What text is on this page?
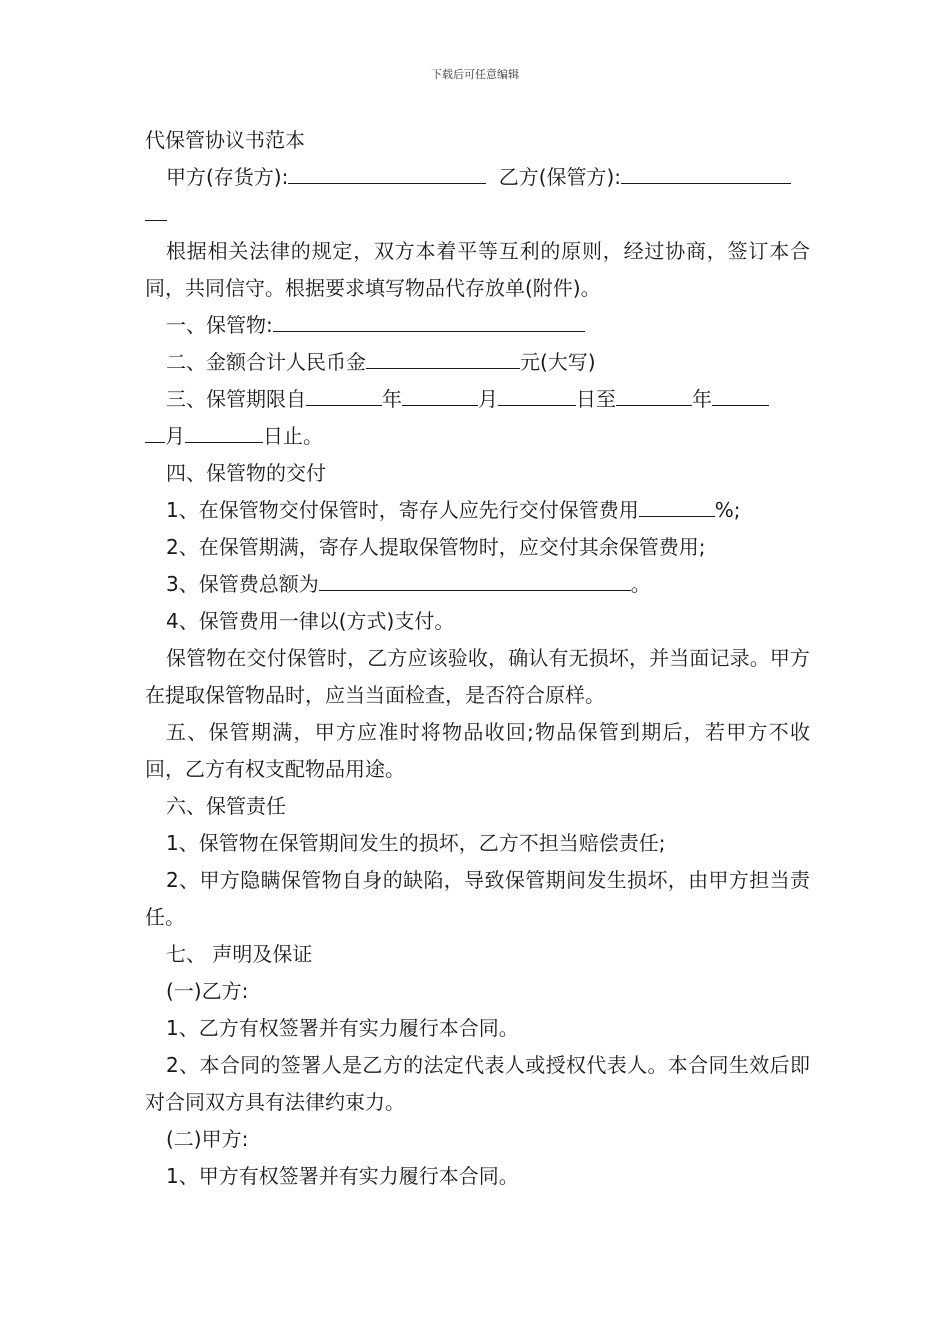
下载后可任意编辑
代保管协议书范本
甲方(存货方):	乙方(保管方):
根据相关法律的规定，双方本着平等互利的原则，经过协商，签订本合同，共同信守。根据要求填写物品代存放单(附件)。
一、保管物:
二、金额合计人民币金	元(大写)
三、保管期限自	年	月	日至	年
月	日止。
四、保管物的交付
1、在保管物交付保管时，寄存人应先行交付保管费用	%;
2、在保管期满，寄存人提取保管物时，应交付其余保管费用;
3、保管费总额为	。
4、保管费用一律以(方式)支付。
保管物在交付保管时，乙方应该验收，确认有无损坏，并当面记录。甲方在提取保管物品时，应当当面检查，是否符合原样。
五、保管期满，甲方应准时将物品收回;物品保管到期后，若甲方不收回，乙方有权支配物品用途。
六、保管责任
1、保管物在保管期间发生的损坏，乙方不担当赔偿责任;
2、甲方隐瞒保管物自身的缺陷，导致保管期间发生损坏，由甲方担当责任。
七、 声明及保证
(一)乙方:
1、乙方有权签署并有实力履行本合同。
2、本合同的签署人是乙方的法定代表人或授权代表人。本合同生效后即对合同双方具有法律约束力。
(二)甲方:
1、甲方有权签署并有实力履行本合同。
